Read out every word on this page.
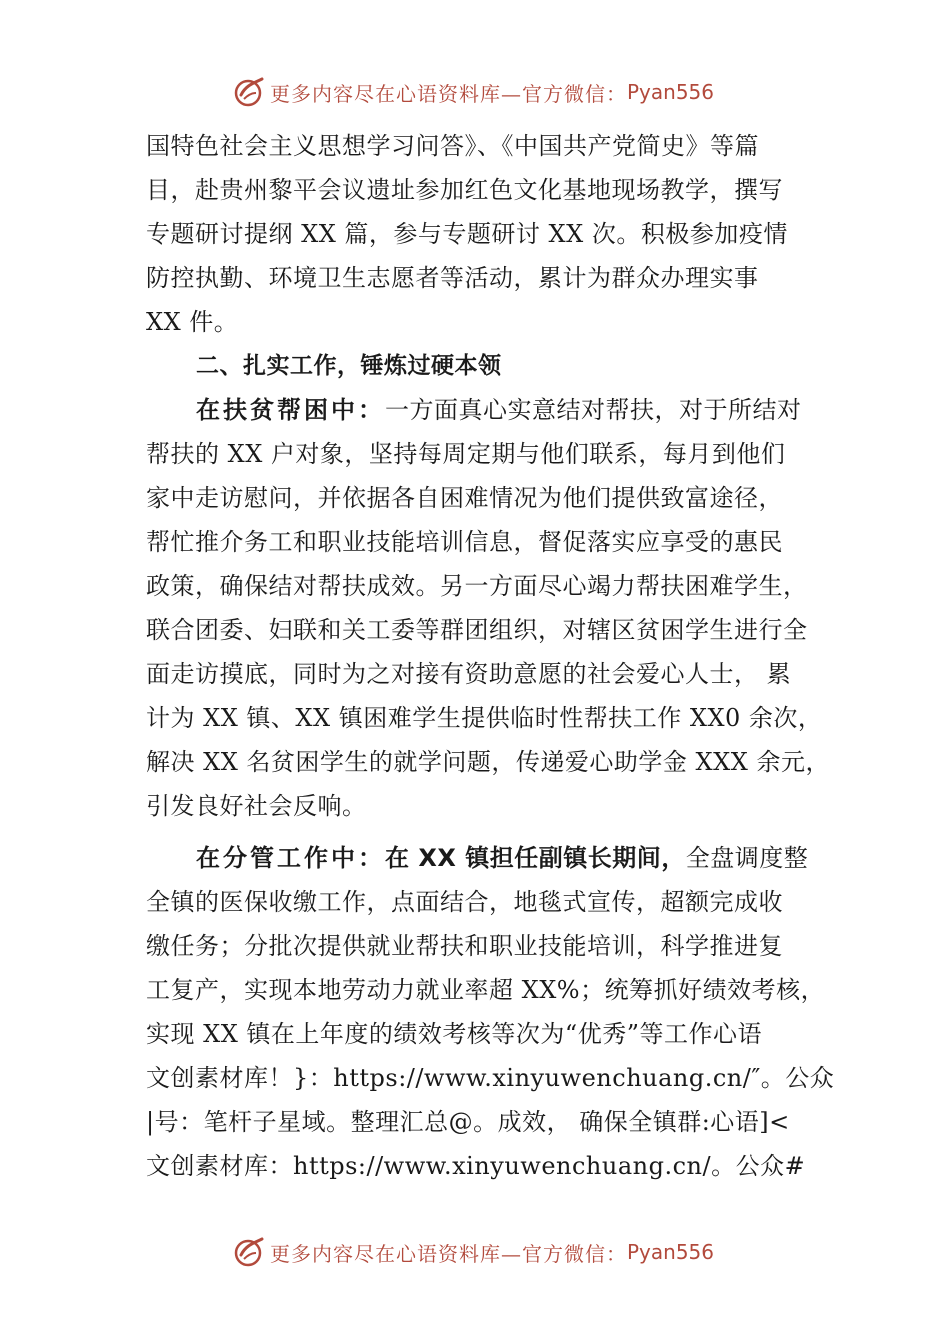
更多内容尽在心语资料库—官方微信： Pyan556
国特色社会主义思想学习问答》、《中国共产党简史》等篇
目，赴贵州黎平会议遗址参加红色文化基地现场教学，撰写
专题研讨提纲 XX 篇，参与专题研讨 XX 次。积极参加疫情
防控执勤、环境卫生志愿者等活动，累计为群众办理实事
XX 件。
二、扎实工作，锤炼过硬本领
在扶贫帮困中：一方面真心实意结对帮扶，对于所结对
帮扶的 XX 户对象，坚持每周定期与他们联系，每月到他们
家中走访慰问，并依据各自困难情况为他们提供致富途径，
帮忙推介务工和职业技能培训信息，督促落实应享受的惠民
政策，确保结对帮扶成效。另一方面尽心竭力帮扶困难学生，
联合团委、妇联和关工委等群团组织，对辖区贫困学生进行全
面走访摸底，同时为之对接有资助意愿的社会爱心人士， 累
计为 XX 镇、XX 镇困难学生提供临时性帮扶工作 XX0 余次，
解决 XX 名贫困学生的就学问题，传递爱心助学金 XXX 余元，
引发良好社会反响。
在分管工作中：在 XX 镇担任副镇长期间，全盘调度整
全镇的医保收缴工作，点面结合，地毯式宣传，超额完成收
缴任务；分批次提供就业帮扶和职业技能培训，科学推进复
工复产，实现本地劳动力就业率超 XX%；统筹抓好绩效考核，
实现 XX 镇在上年度的绩效考核等次为“优秀”等工作心语
文创素材库！}：https://www.xinyuwenchuang.cn/″。公众
|号：笔杆子星域。整理汇总@。成效， 确保全镇群:心语]<
文创素材库：https://www.xinyuwenchuang.cn/。公众#
更多内容尽在心语资料库—官方微信： Pyan556
